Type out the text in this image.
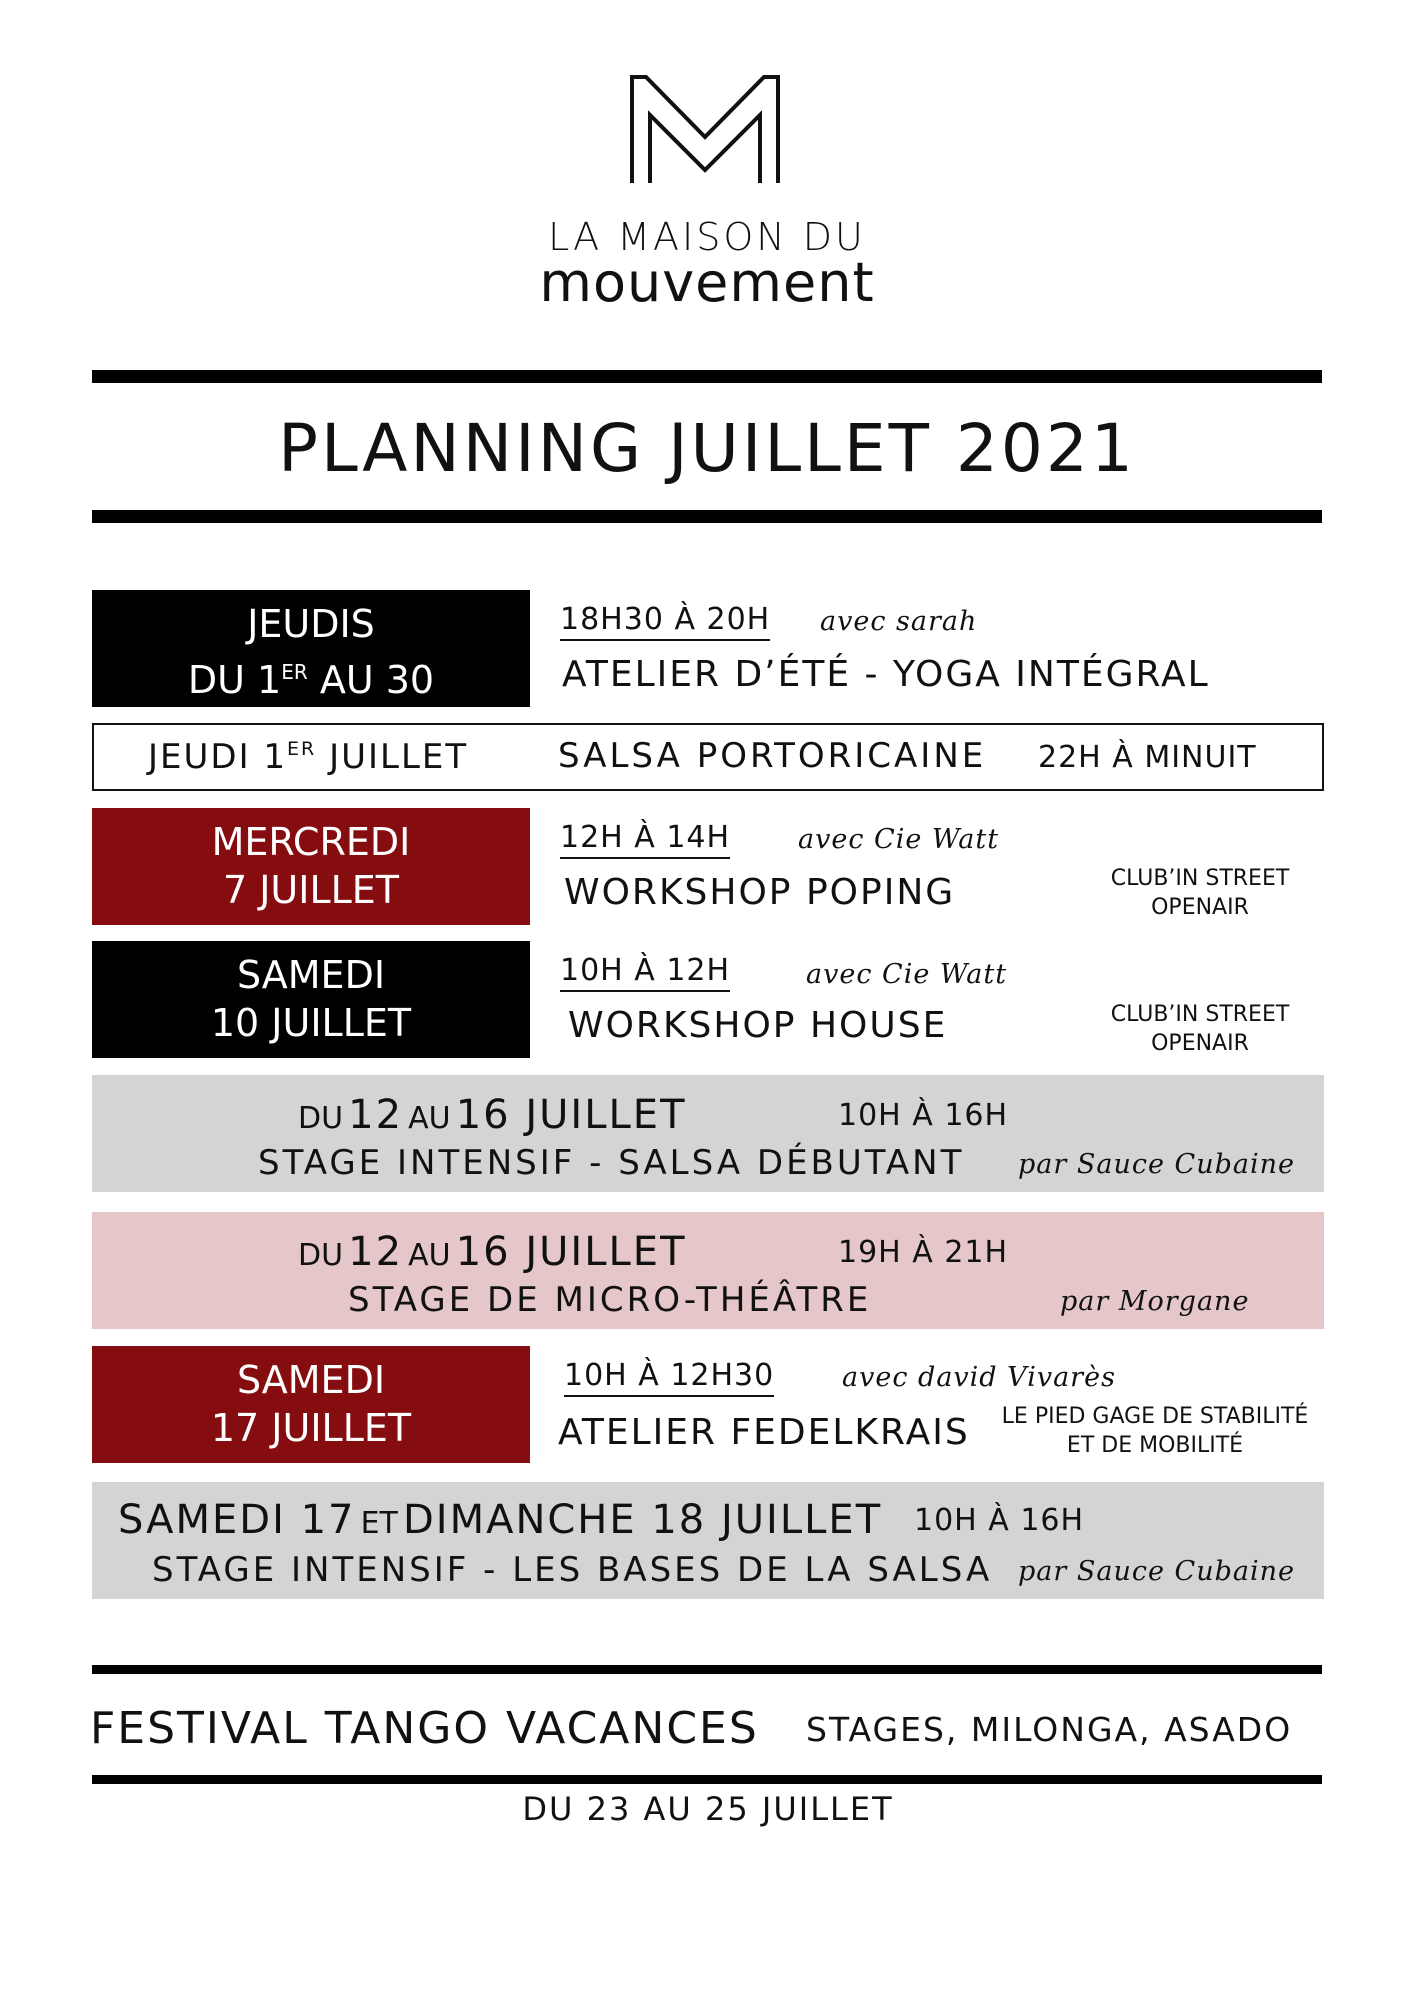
LA MAISON DU
mouvement
PLANNING JUILLET 2021
JEUDIS
DU 1ER AU 30
18H30 À 20H avec sarah
ATELIER D’ÉTÉ - YOGA INTÉGRAL
JEUDI 1ER JUILLET	SALSA PORTORICAINE 22H À MINUIT
MERCREDI
7 JUILLET
12H À 14H	avec Cie Watt
WORKSHOP POPING	CLUB’IN STREET
OPENAIR
SAMEDI
10 JUILLET
10H À 12H	avec Cie Watt
WORKSHOP HOUSE	CLUB’IN STREET
OPENAIR
DU 12 AU 16 JUILLET	10H À 16H
STAGE INTENSIF - SALSA DÉBUTANT par Sauce Cubaine
DU 12 AU 16 JUILLET	19H À 21H
STAGE DE MICRO-THÉÂTRE	par Morgane
SAMEDI
17 JUILLET
10H À 12H30	avec david Vivarès
ATELIER FEDELKRAIS	LE PIED GAGE DE STABILITÉ
ET DE MOBILITÉ
SAMEDI 17 ET DIMANCHE 18 JUILLET 10H À 16H
STAGE INTENSIF - LES BASES DE LA SALSA par Sauce Cubaine
FESTIVAL TANGO VACANCES STAGES, MILONGA, ASADO
DU 23 AU 25 JUILLET
